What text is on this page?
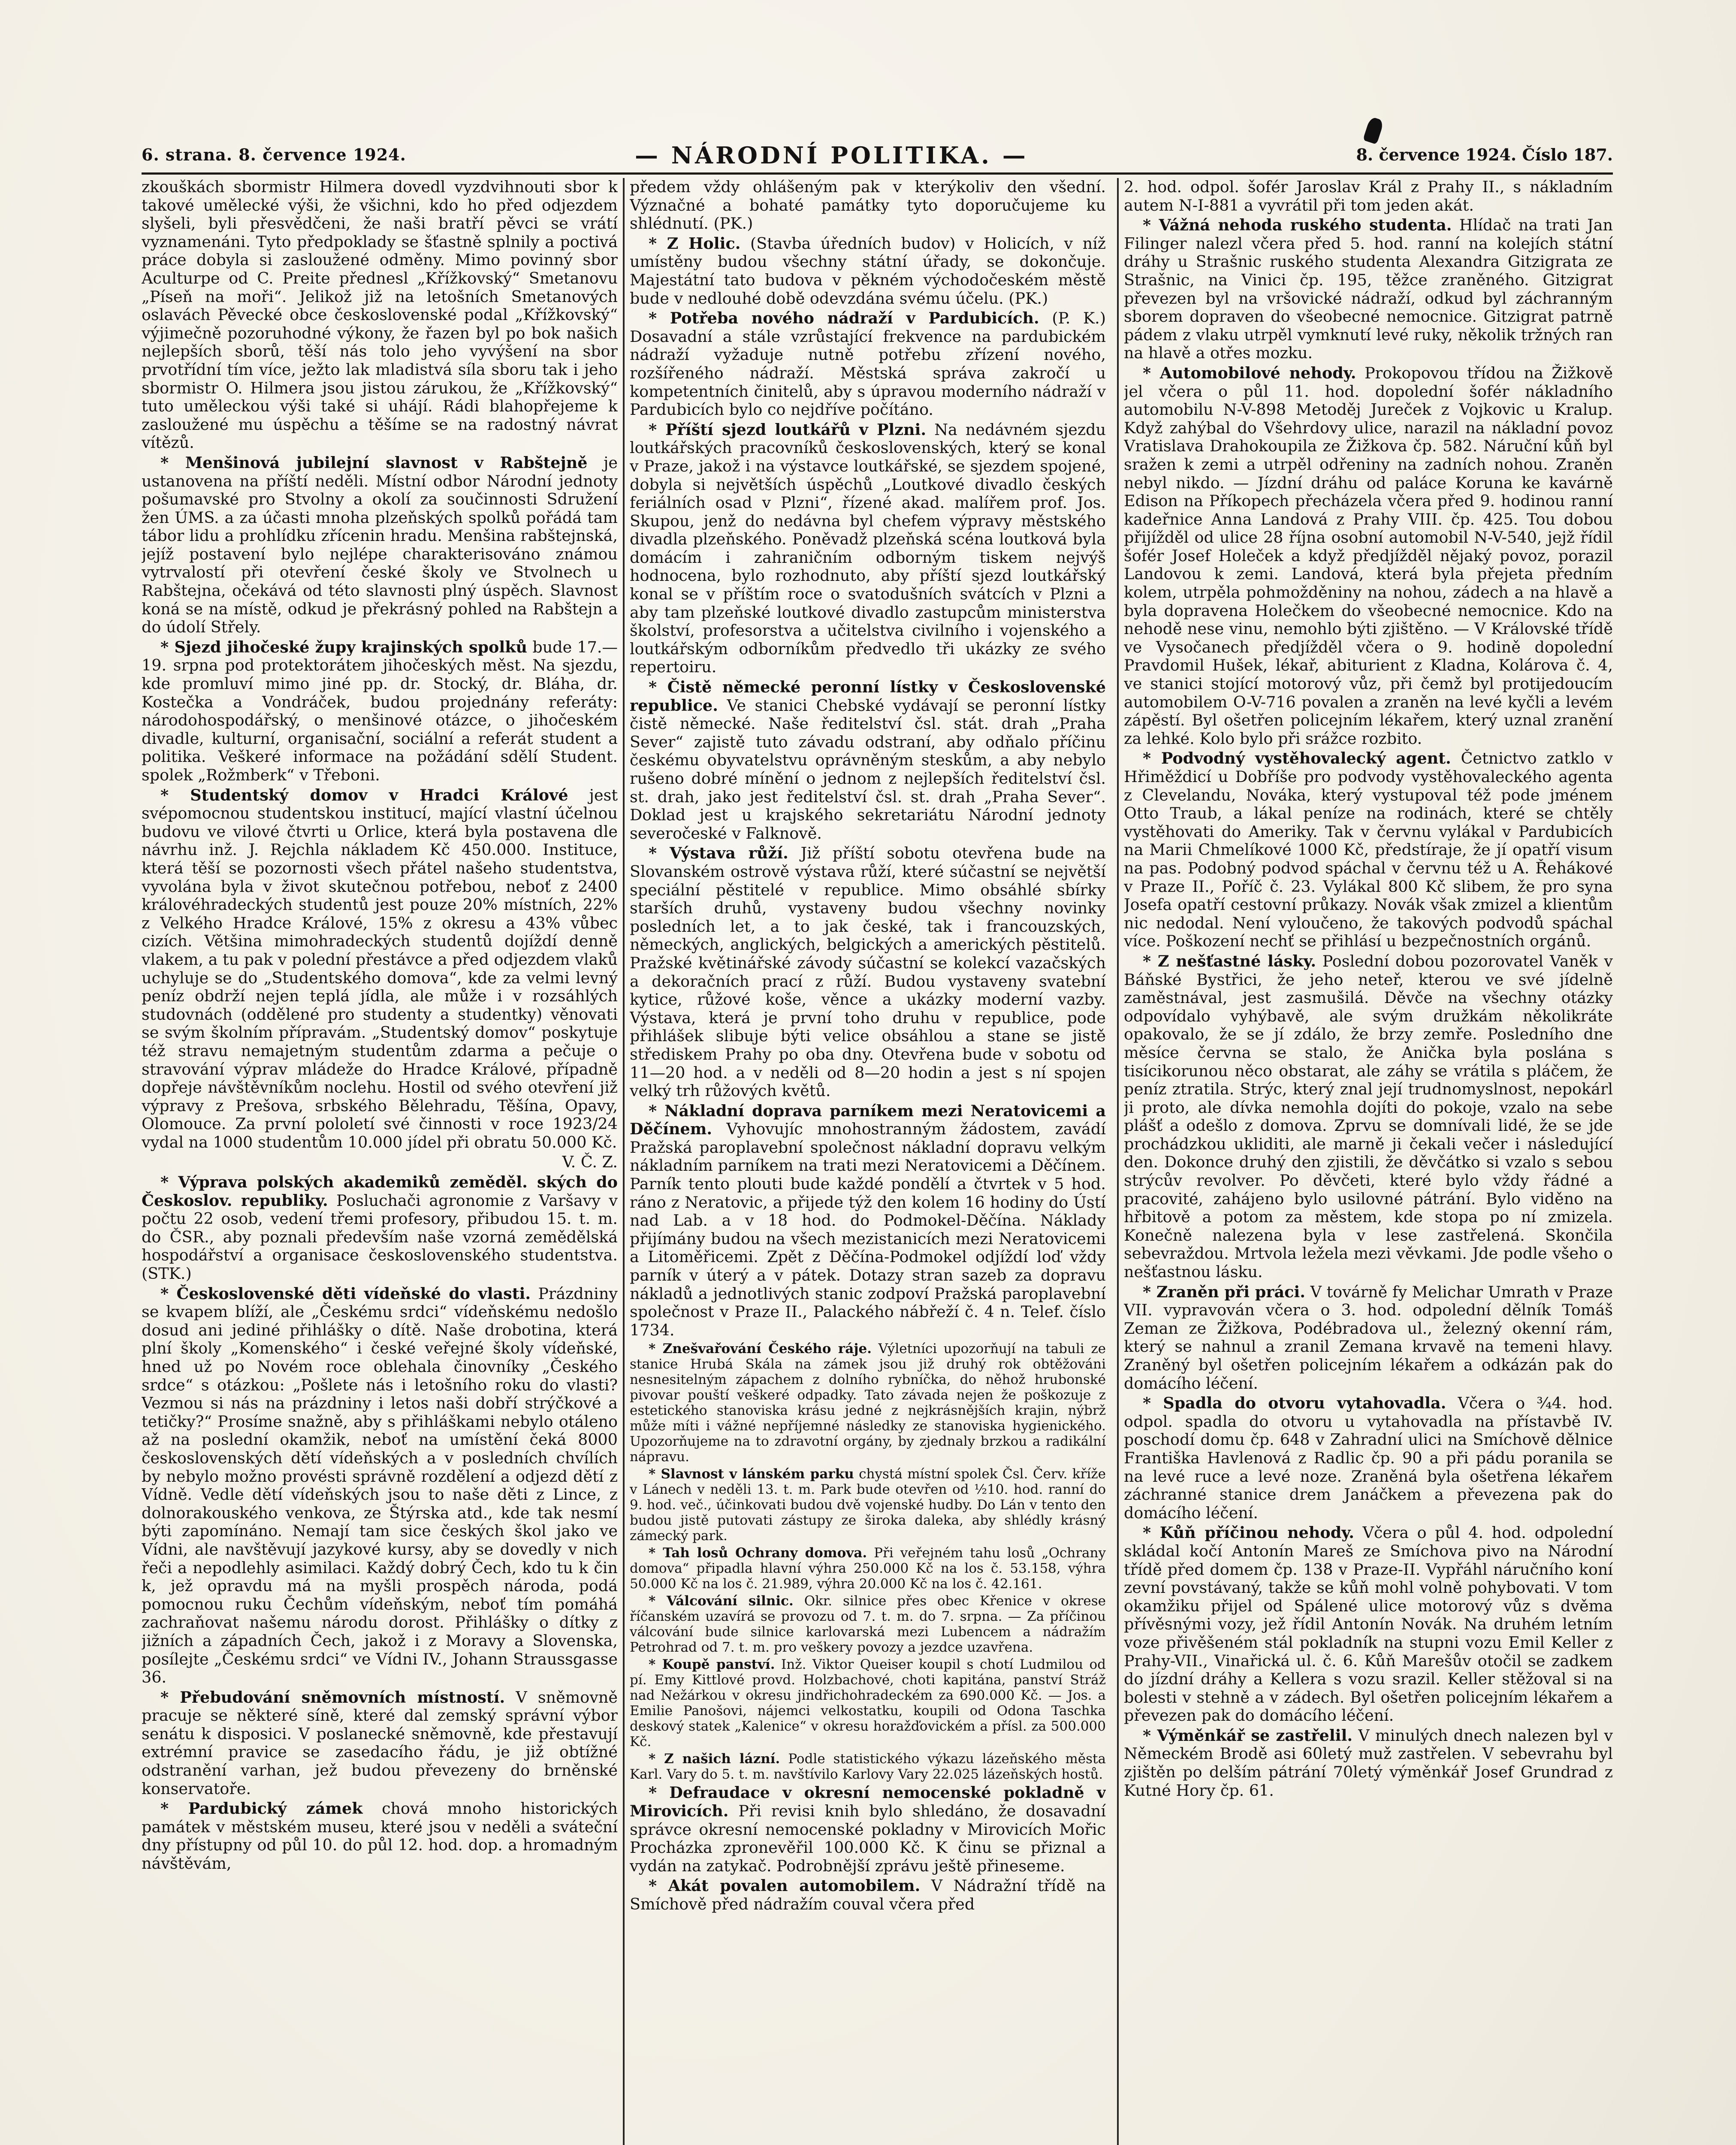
6. strana. 8. července 1924.	— NÁRODNÍ POLITIKA. —	8. července 1924. Číslo 187.

zkouškách sbormistr Hilmera dovedl vyzdvihnouti sbor k takové umělecké výši, že všichni, kdo ho před odjezdem slyšeli, byli přesvědčeni, že naši bratří pěvci se vrátí vyznamenáni. Tyto předpoklady se šťastně splnily a poctivá práce dobyla si zasloužené odměny. Mimo povinný sbor Aculturpe od C. Preite přednesl „Křížkovský“ Smetanovu „Píseň na moři“. Jelikož již na letošních Smetanových oslavách Pěvecké obce československé podal „Křížkovský“ výjimečně pozoruhodné výkony, že řazen byl po bok našich nejlepších sborů, těší nás tolo jeho vyvýšení na sbor prvotřídní tím více, ježto lak mladistvá síla sboru tak i jeho sbormistr O. Hilmera jsou jistou zárukou, že „Křížkovský“ tuto uměleckou výši také si uhájí. Rádi blahopřejeme k zasloužené mu úspěchu a těšíme se na radostný návrat vítězů.

* Menšinová jubilejní slavnost v Rabštejně je ustanovena na příští neděli. Místní odbor Národní jednoty pošumavské pro Stvolny a okolí za součinnosti Sdružení žen ÚMS. a za účasti mnoha plzeňských spolků pořádá tam tábor lidu a prohlídku zřícenin hradu. Menšina rabštejnská, jejíž postavení bylo nejlépe charakterisováno známou vytrvalostí při otevření české školy ve Stvolnech u Rabštejna, očekává od této slavnosti plný úspěch. Slavnost koná se na místě, odkud je překrásný pohled na Rabštejn a do údolí Střely.

* Sjezd jihočeské župy krajinských spolků bude 17.—19. srpna pod protektorátem jihočeských měst. Na sjezdu, kde promluví mimo jiné pp. dr. Stocký, dr. Bláha, dr. Kostečka a Vondráček, budou projednány referáty: národohospodářský, o menšinové otázce, o jihočeském divadle, kulturní, organisační, sociální a referát student a politika. Veškeré informace na požádání sdělí Student. spolek „Rožmberk“ v Třeboni.

* Studentský domov v Hradci Králové jest svépomocnou studentskou institucí, mající vlastní účelnou budovu ve vilové čtvrti u Orlice, která byla postavena dle návrhu inž. J. Rejchla nákladem Kč 450.000. Instituce, která těší se pozornosti všech přátel našeho studentstva, vyvolána byla v život skutečnou potřebou, neboť z 2400 královéhradeckých studentů jest pouze 20% místních, 22% z Velkého Hradce Králové, 15% z okresu a 43% vůbec cizích. Většina mimohradeckých studentů dojíždí denně vlakem, a tu pak v polední přestávce a před odjezdem vlaků uchyluje se do „Studentského domova“, kde za velmi levný peníz obdrží nejen teplá jídla, ale může i v rozsáhlých studovnách (oddělené pro studenty a studentky) věnovati se svým školním přípravám. „Studentský domov“ poskytuje též stravu nemajetným studentům zdarma a pečuje o stravování výprav mládeže do Hradce Králové, případně dopřeje návštěvníkům noclehu. Hostil od svého otevření již výpravy z Prešova, srbského Bělehradu, Těšína, Opavy, Olomouce. Za první pololetí své činnosti v roce 1923/24 vydal na 1000 studentům 10.000 jídel při obratu 50.000 Kč.

V. Č. Z.

* Výprava polských akademiků zeměděl. ských do Českoslov. republiky. Posluchači agronomie z Varšavy v počtu 22 osob, vedení třemi profesory, přibudou 15. t. m. do ČSR., aby poznali především naše vzorná zemědělská hospodářství a organisace československého studentstva. (STK.)

* Československé děti vídeňské do vlasti. Prázdniny se kvapem blíží, ale „Českému srdci“ vídeňskému nedošlo dosud ani jediné přihlášky o dítě. Naše drobotina, která plní školy „Komenského“ i české veřejné školy vídeňské, hned už po Novém roce oblehala činovníky „Českého srdce“ s otázkou: „Pošlete nás i letošního roku do vlasti? Vezmou si nás na prázdniny i letos naši dobří strýčkové a tetičky?“ Prosíme snažně, aby s přihláškami nebylo otáleno až na poslední okamžik, neboť na umístění čeká 8000 československých dětí vídeňských a v posledních chvílích by nebylo možno provésti správně rozdělení a odjezd dětí z Vídně. Vedle dětí vídeňských jsou to naše děti z Lince, z dolnorakouského venkova, ze Štýrska atd., kde tak nesmí býti zapomínáno. Nemají tam sice českých škol jako ve Vídni, ale navštěvují jazykové kursy, aby se dovedly v nich řeči a nepodlehly asimilaci. Každý dobrý Čech, kdo tu k čin k, jež opravdu má na myšli prospěch národa, podá pomocnou ruku Čechům vídeňským, neboť tím pomáhá zachraňovat našemu národu dorost. Přihlášky o dítky z jižních a západních Čech, jakož i z Moravy a Slovenska, posílejte „Českému srdci“ ve Vídni IV., Johann Straussgasse 36.

* Přebudování sněmovních místností. V sněmovně pracuje se některé síně, které dal zemský správní výbor senátu k disposici. V poslanecké sněmovně, kde přestavují extrémní pravice se zasedacího řádu, je již obtížné odstranění varhan, jež budou převezeny do brněnské konservatoře.

* Pardubický zámek chová mnoho historických památek v městském museu, které jsou v neděli a sváteční dny přístupny od půl 10. do půl 12. hod. dop. a hromadným návštěvám,

předem vždy ohlášeným pak v kterýkoliv den všední. Význačné a bohaté památky tyto doporučujeme ku shlédnutí. (PK.)

* Z Holic. (Stavba úředních budov) v Holicích, v níž umístěny budou všechny státní úřady, se dokončuje. Majestátní tato budova v pěkném východočeském městě bude v nedlouhé době odevzdána svému účelu. (PK.)

* Potřeba nového nádraží v Pardubicích. (P. K.) Dosavadní a stále vzrůstající frekvence na pardubickém nádraží vyžaduje nutně potřebu zřízení nového, rozšířeného nádraží. Městská správa zakročí u kompetentních činitelů, aby s úpravou moderního nádraží v Pardubicích bylo co nejdříve počítáno.

* Příští sjezd loutkářů v Plzni. Na nedávném sjezdu loutkářských pracovníků československých, který se konal v Praze, jakož i na výstavce loutkářské, se sjezdem spojené, dobyla si největších úspěchů „Loutkové divadlo českých feriálních osad v Plzni“, řízené akad. malířem prof. Jos. Skupou, jenž do nedávna byl chefem výpravy městského divadla plzeňského. Poněvadž plzeňská scéna loutková byla domácím i zahraničním odborným tiskem nejvýš hodnocena, bylo rozhodnuto, aby příští sjezd loutkářský konal se v příštím roce o svatodušních svátcích v Plzni a aby tam plzeňské loutkové divadlo zastupcům ministerstva školství, profesorstva a učitelstva civilního i vojenského a loutkářským odborníkům předvedlo tři ukázky ze svého repertoiru.

* Čistě německé peronní lístky v Československé republice. Ve stanici Chebské vydávají se peronní lístky čistě německé. Naše ředitelství čsl. stát. drah „Praha Sever“ zajistě tuto závadu odstraní, aby odňalo příčinu českému obyvatelstvu oprávněným steskům, a aby nebylo rušeno dobré mínění o jednom z nejlepších ředitelství čsl. st. drah, jako jest ředitelství čsl. st. drah „Praha Sever“. Doklad jest u krajského sekretariátu Národní jednoty severočeské v Falknově.

* Výstava růží. Již příští sobotu otevřena bude na Slovanském ostrově výstava růží, které súčastní se největší speciální pěstitelé v republice. Mimo obsáhlé sbírky starších druhů, vystaveny budou všechny novinky posledních let, a to jak české, tak i francouzských, německých, anglických, belgických a amerických pěstitelů. Pražské květinářské závody súčastní se kolekcí vazačských a dekoračních prací z růží. Budou vystaveny svatební kytice, růžové koše, věnce a ukázky moderní vazby. Výstava, která je první toho druhu v republice, pode přihlášek slibuje býti velice obsáhlou a stane se jistě střediskem Prahy po oba dny. Otevřena bude v sobotu od 11—20 hod. a v neděli od 8—20 hodin a jest s ní spojen velký trh růžových květů.

* Nákladní doprava parníkem mezi Neratovicemi a Děčínem. Vyhovujíc mnohostranným žádostem, zavádí Pražská paroplavební společnost nákladní dopravu velkým nákladním parníkem na trati mezi Neratovicemi a Děčínem. Parník tento plouti bude každé pondělí a čtvrtek v 5 hod. ráno z Neratovic, a přijede týž den kolem 16 hodiny do Ústí nad Lab. a v 18 hod. do Podmokel-Děčína. Náklady přijímány budou na všech mezistanicích mezi Neratovicemi a Litoměřicemi. Zpět z Děčína-Podmokel odjíždí loď vždy parník v úterý a v pátek. Dotazy stran sazeb za dopravu nákladů a jednotlivých stanic zodpoví Pražská paroplavební společnost v Praze II., Palackého nábřeží č. 4 n. Telef. číslo 1734.

* Znešvařování Českého ráje. Výletníci upozorňují na tabuli ze stanice Hrubá Skála na zámek jsou již druhý rok obtěžováni nesnesitelným zápachem z dolního rybníčka, do něhož hrubonské pivovar pouští veškeré odpadky. Tato závada nejen že poškozuje z estetického stanoviska krásu jedné z nejkrásnějších krajin, nýbrž může míti i vážné nepříjemné následky ze stanoviska hygienického. Upozorňujeme na to zdravotní orgány, by zjednaly brzkou a radikální nápravu.

* Slavnost v lánském parku chystá místní spolek Čsl. Červ. kříže v Lánech v neděli 13. t. m. Park bude otevřen od ½10. hod. ranní do 9. hod. več., účinkovati budou dvě vojenské hudby. Do Lán v tento den budou jistě putovati zástupy ze široka daleka, aby shlédly krásný zámecký park.

* Tah losů Ochrany domova. Při veřejném tahu losů „Ochrany domova“ připadla hlavní výhra 250.000 Kč na los č. 53.158, výhra 50.000 Kč na los č. 21.989, výhra 20.000 Kč na los č. 42.161.

* Válcování silnic. Okr. silnice přes obec Křenice v okrese říčanském uzavírá se provozu od 7. t. m. do 7. srpna. — Za příčinou válcování bude silnice karlovarská mezi Lubencem a nádražím Petrohrad od 7. t. m. pro veškery povozy a jezdce uzavřena.

* Koupě panství. Inž. Viktor Queiser koupil s chotí Ludmilou od pí. Emy Kittlové provd. Holzbachové, choti kapitána, panství Stráž nad Nežárkou v okresu jindřichohradeckém za 690.000 Kč. — Jos. a Emilie Panošovi, nájemci velkostatku, koupili od Odona Taschka deskový statek „Kalenice“ v okresu horažďovickém a přísl. za 500.000 Kč.

* Z našich lázní. Podle statistického výkazu lázeňského města Karl. Vary do 5. t. m. navštívilo Karlovy Vary 22.025 lázeňských hostů.

* Defraudace v okresní nemocenské pokladně v Mirovicích. Při revisi knih bylo shledáno, že dosavadní správce okresní nemocenské pokladny v Mirovicích Mořic Procházka zpronevěřil 100.000 Kč. K činu se přiznal a vydán na zatykač. Podrobnější zprávu ještě přineseme.

* Akát povalen automobilem. V Nádražní třídě na Smíchově před nádražím couval včera před

2. hod. odpol. šofér Jaroslav Král z Prahy II., s nákladním autem N-I-881 a vyvrátil při tom jeden akát.

* Vážná nehoda ruského studenta. Hlídač na trati Jan Filinger nalezl včera před 5. hod. ranní na kolejích státní dráhy u Strašnic ruského studenta Alexandra Gitzigrata ze Strašnic, na Vinici čp. 195, těžce zraněného. Gitzigrat převezen byl na vršovické nádraží, odkud byl záchranným sborem dopraven do všeobecné nemocnice. Gitzigrat patrně pádem z vlaku utrpěl vymknutí levé ruky, několik tržných ran na hlavě a otřes mozku.

* Automobilové nehody. Prokopovou třídou na Žižkově jel včera o půl 11. hod. dopolední šofér nákladního automobilu N-V-898 Metoděj Jureček z Vojkovic u Kralup. Když zahýbal do Všehrdovy ulice, narazil na nákladní povoz Vratislava Drahokoupila ze Žižkova čp. 582. Náruční kůň byl sražen k zemi a utrpěl odřeniny na zadních nohou. Zraněn nebyl nikdo. — Jízdní dráhu od paláce Koruna ke kavárně Edison na Příkopech přecházela včera před 9. hodinou ranní kadeřnice Anna Landová z Prahy VIII. čp. 425. Tou dobou přijížděl od ulice 28 října osobní automobil N-V-540, jejž řídil šofér Josef Holeček a když předjížděl nějaký povoz, porazil Landovou k zemi. Landová, která byla přejeta předním kolem, utrpěla pohmožděniny na nohou, zádech a na hlavě a byla dopravena Holečkem do všeobecné nemocnice. Kdo na nehodě nese vinu, nemohlo býti zjištěno. — V Královské třídě ve Vysočanech předjížděl včera o 9. hodině dopolední Pravdomil Hušek, lékař, abiturient z Kladna, Kolárova č. 4, ve stanici stojící motorový vůz, při čemž byl protijedoucím automobilem O-V-716 povalen a zraněn na levé kyčli a levém zápěstí. Byl ošetřen policejním lékařem, který uznal zranění za lehké. Kolo bylo při srážce rozbito.

* Podvodný vystěhovalecký agent. Četnictvo zatklo v Hřiměždicí u Dobříše pro podvody vystěhovaleckého agenta z Clevelandu, Nováka, který vystupoval též pode jménem Otto Traub, a lákal peníze na rodinách, které se chtěly vystěhovati do Ameriky. Tak v červnu vylákal v Pardubicích na Marii Chmelíkové 1000 Kč, předstíraje, že jí opatří visum na pas. Podobný podvod spáchal v červnu též u A. Řehákové v Praze II., Poříč č. 23. Vylákal 800 Kč slibem, že pro syna Josefa opatří cestovní průkazy. Novák však zmizel a klientům nic nedodal. Není vyloučeno, že takových podvodů spáchal více. Poškození nechť se přihlásí u bezpečnostních orgánů.

* Z nešťastné lásky. Poslední dobou pozorovatel Vaněk v Báňské Bystřici, že jeho neteř, kterou ve své jídelně zaměstnával, jest zasmušilá. Děvče na všechny otázky odpovídalo vyhýbavě, ale svým družkám několikráte opakovalo, že se jí zdálo, že brzy zemře. Posledního dne měsíce června se stalo, že Anička byla poslána s tisícikorunou něco obstarat, ale záhy se vrátila s pláčem, že peníz ztratila. Strýc, který znal její trudnomyslnost, nepokárl ji proto, ale dívka nemohla dojíti do pokoje, vzalo na sebe plášť a odešlo z domova. Zprvu se domnívali lidé, že se jde prochádzkou ukliditi, ale marně ji čekali večer i následující den. Dokonce druhý den zjistili, že děvčátko si vzalo s sebou strýcův revolver. Po děvčeti, které bylo vždy řádné a pracovité, zahájeno bylo usilovné pátrání. Bylo viděno na hřbitově a potom za městem, kde stopa po ní zmizela. Konečně nalezena byla v lese zastřelená. Skončila sebevraždou. Mrtvola ležela mezi věvkami. Jde podle všeho o nešťastnou lásku.

* Zraněn při práci. V továrně fy Melichar Umrath v Praze VII. vypravován včera o 3. hod. odpolední dělník Tomáš Zeman ze Žižkova, Podébradova ul., železný okenní rám, který se nahnul a zranil Zemana krvavě na temeni hlavy. Zraněný byl ošetřen policejním lékařem a odkázán pak do domácího léčení.

* Spadla do otvoru vytahovadla. Včera o ¾4. hod. odpol. spadla do otvoru u vytahovadla na přístavbě IV. poschodí domu čp. 648 v Zahradní ulici na Smíchově dělnice Františka Havlenová z Radlic čp. 90 a při pádu poranila se na levé ruce a levé noze. Zraněná byla ošetřena lékařem záchranné stanice drem Janáčkem a převezena pak do domácího léčení.

* Kůň příčinou nehody. Včera o půl 4. hod. odpolední skládal kočí Antonín Mareš ze Smíchova pivo na Národní třídě před domem čp. 138 v Praze-II. Vypřáhl náručního koní zevní povstávaný, takže se kůň mohl volně pohybovati. V tom okamžiku přijel od Spálené ulice motorový vůz s dvěma přívěsnými vozy, jež řídil Antonín Novák. Na druhém letním voze přivěšeném stál pokladník na stupni vozu Emil Keller z Prahy-VII., Vinařická ul. č. 6. Kůň Marešův otočil se zadkem do jízdní dráhy a Kellera s vozu srazil. Keller stěžoval si na bolesti v stehně a v zádech. Byl ošetřen policejním lékařem a převezen pak do domácího léčení.

* Výměnkář se zastřelil. V minulých dnech nalezen byl v Německém Brodě asi 60letý muž zastřelen. V sebevrahu byl zjištěn po delším pátrání 70letý výměnkář Josef Grundrad z Kutné Hory čp. 61.
